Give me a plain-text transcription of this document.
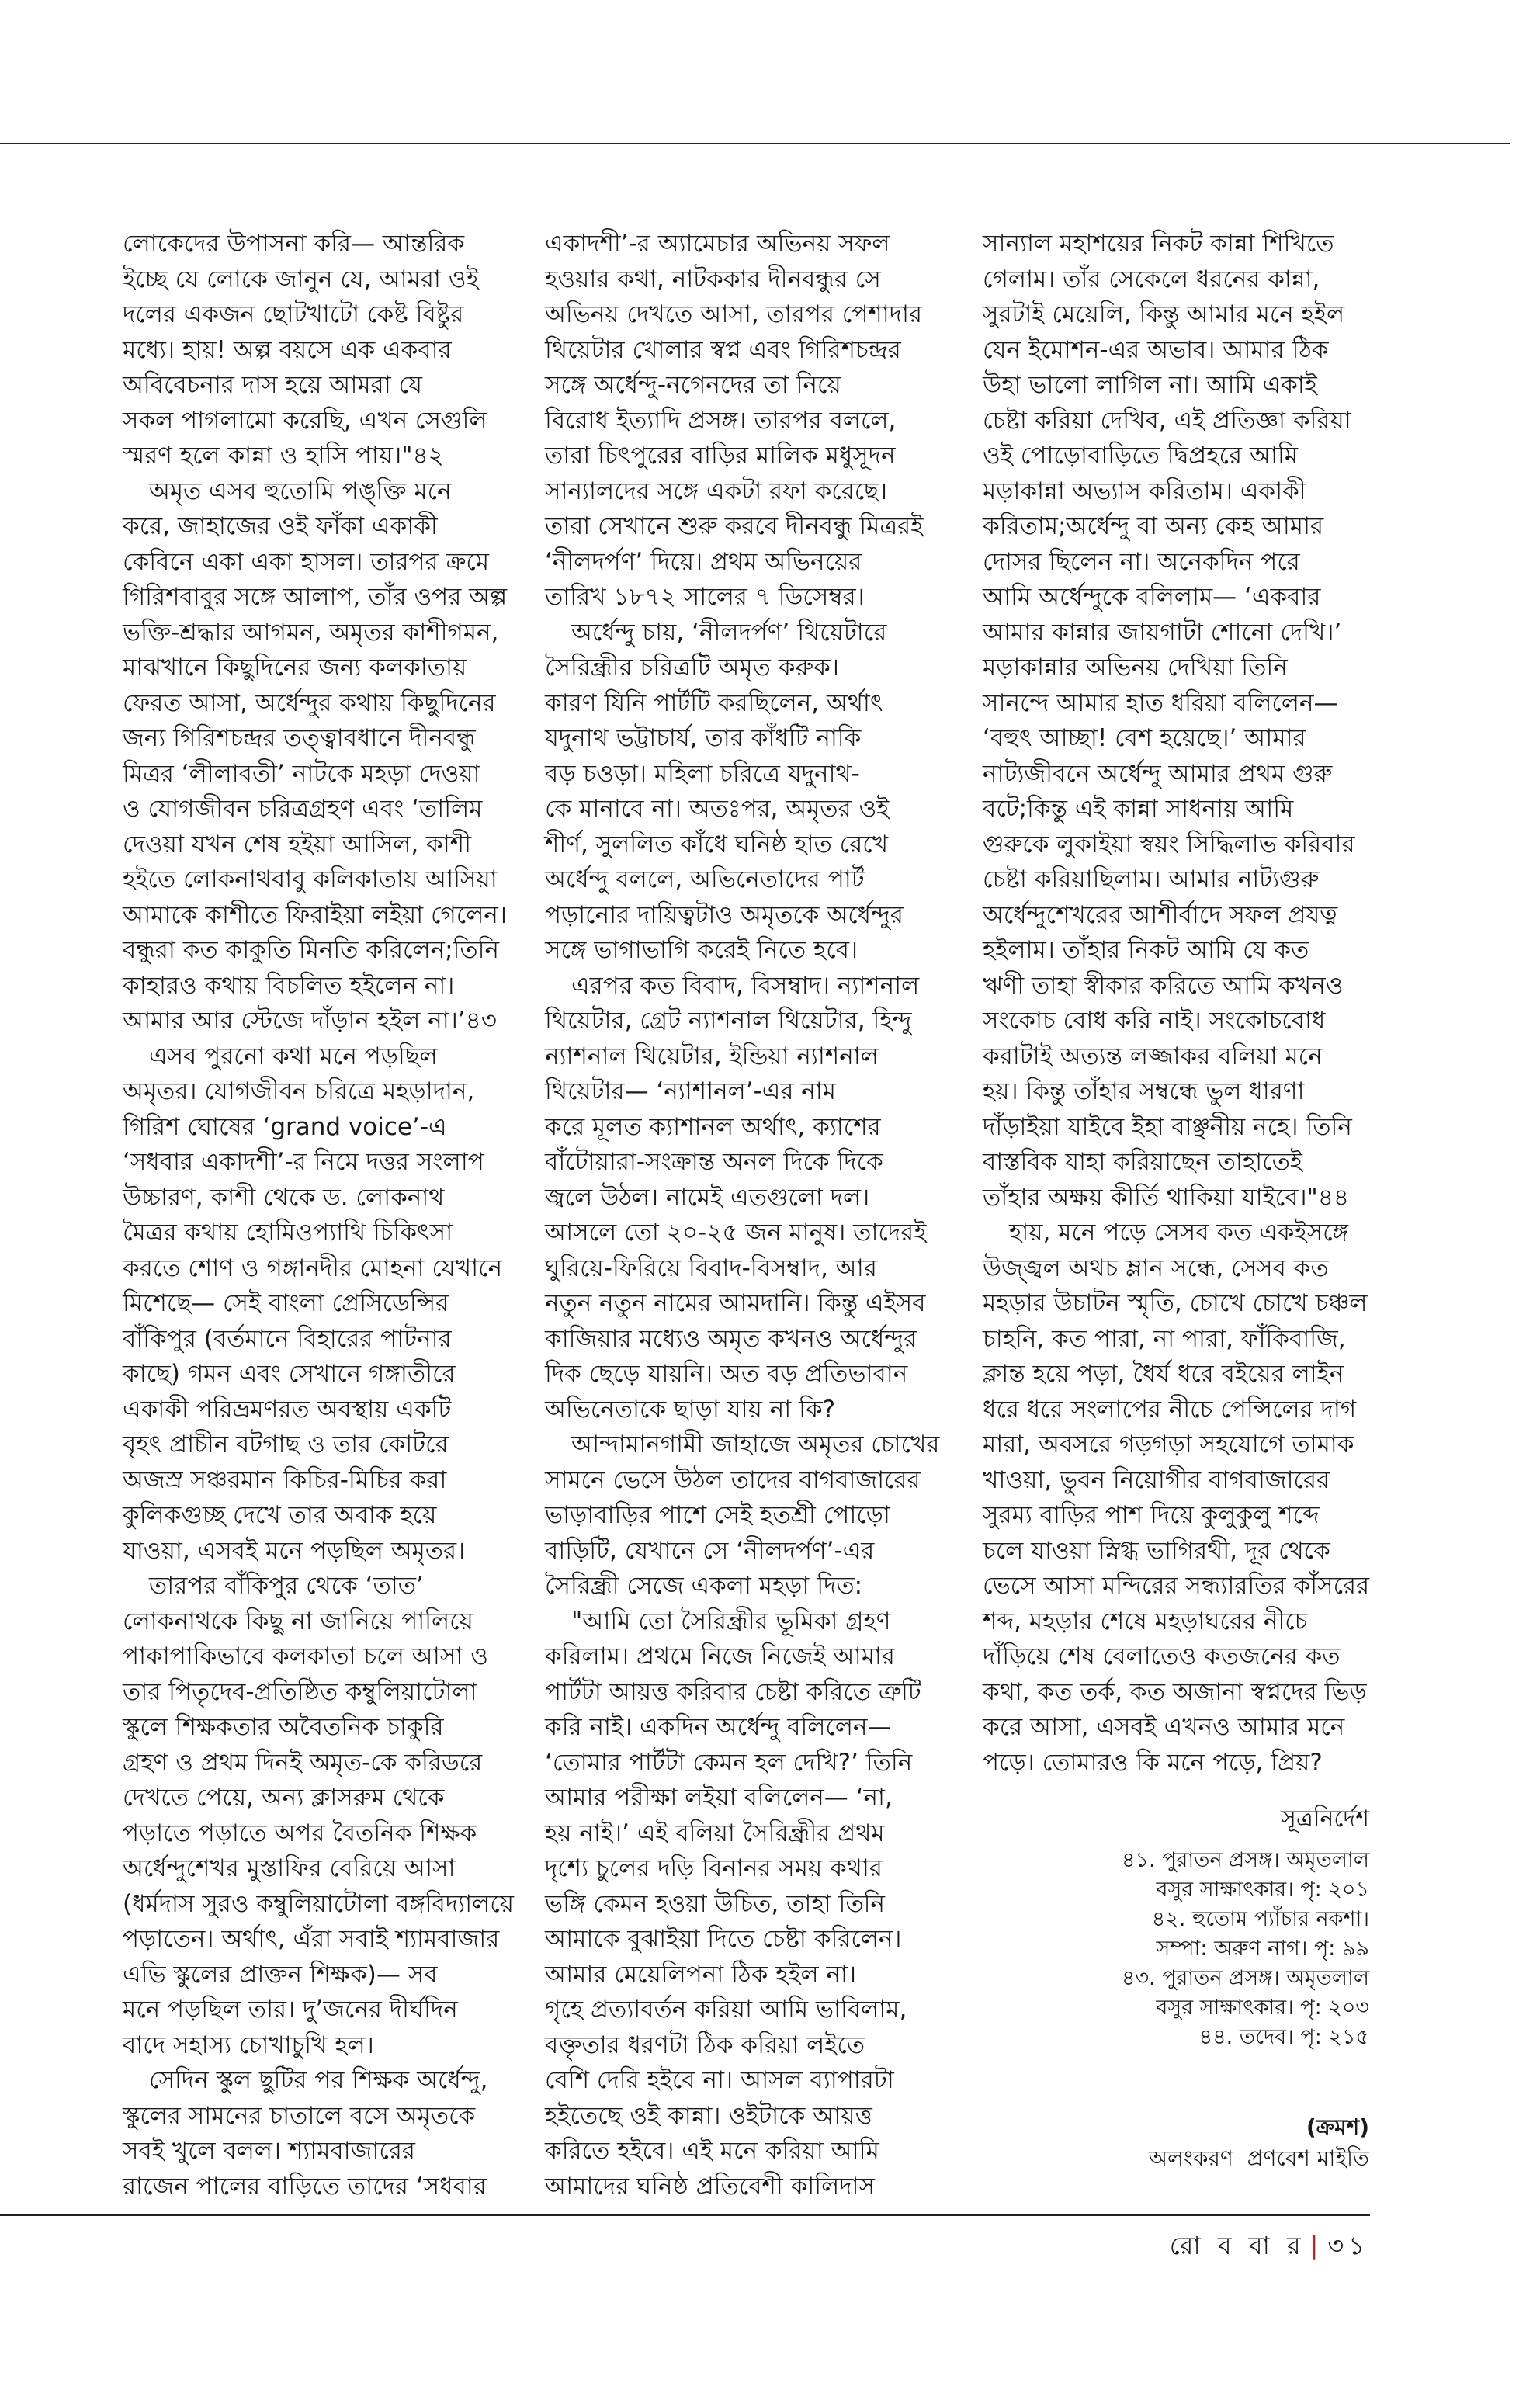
লোকেদের উপাসনা করি— আন্তরিক
ইচ্ছে যে লোকে জানুন যে, আমরা ওই
দলের একজন ছোটখাটো কেষ্ট বিষ্টুর
মধ্যে। হায়! অল্প বয়সে এক একবার
অবিবেচনার দাস হয়ে আমরা যে
সকল পাগলামো করেছি, এখন সেগুলি
স্মরণ হলে কান্না ও হাসি পায়।"৪২
অমৃত এসব হুতোমি পঙ্‌ক্তি মনে
করে, জাহাজের ওই ফাঁকা একাকী
কেবিনে একা একা হাসল। তারপর ক্রমে
গিরিশবাবুর সঙ্গে আলাপ, তাঁর ওপর অল্প
ভক্তি-শ্রদ্ধার আগমন, অমৃতর কাশীগমন,
মাঝখানে কিছুদিনের জন্য কলকাতায়
ফেরত আসা, অর্ধেন্দুর কথায় কিছুদিনের
জন্য গিরিশচন্দ্রর তত্ত্বাবধানে দীনবন্ধু
মিত্রর ‘লীলাবতী’ নাটকে মহড়া দেওয়া
ও যোগজীবন চরিত্রগ্রহণ এবং ‘তালিম
দেওয়া যখন শেষ হইয়া আসিল, কাশী
হইতে লোকনাথবাবু কলিকাতায় আসিয়া
আমাকে কাশীতে ফিরাইয়া লইয়া গেলেন।
বন্ধুরা কত কাকুতি মিনতি করিলেন;তিনি
কাহারও কথায় বিচলিত হইলেন না।
আমার আর স্টেজে দাঁড়ান হইল না।’৪৩
এসব পুরনো কথা মনে পড়ছিল
অমৃতর। যোগজীবন চরিত্রে মহড়াদান,
গিরিশ ঘোষের ‘grand voice’-এ
‘সধবার একাদশী’-র নিমে দত্তর সংলাপ
উচ্চারণ, কাশী থেকে ড. লোকনাথ
মৈত্রর কথায় হোমিওপ্যাথি চিকিৎসা
করতে শোণ ও গঙ্গানদীর মোহনা যেখানে
মিশেছে— সেই বাংলা প্রেসিডেন্সির
বাঁকিপুর (বর্তমানে বিহারের পাটনার
কাছে) গমন এবং সেখানে গঙ্গাতীরে
একাকী পরিভ্রমণরত অবস্থায় একটি
বৃহৎ প্রাচীন বটগাছ ও তার কোটরে
অজস্র সঞ্চরমান কিচির-মিচির করা
কুলিকগুচ্ছ দেখে তার অবাক হয়ে
যাওয়া, এসবই মনে পড়ছিল অমৃতর।
তারপর বাঁকিপুর থেকে ‘তাত’
লোকনাথকে কিছু না জানিয়ে পালিয়ে
পাকাপাকিভাবে কলকাতা চলে আসা ও
তার পিতৃদেব-প্রতিষ্ঠিত কম্বুলিয়াটোলা
স্কুলে শিক্ষকতার অবৈতনিক চাকুরি
গ্রহণ ও প্রথম দিনই অমৃত-কে করিডরে
দেখতে পেয়ে, অন্য ক্লাসরুম থেকে
পড়াতে পড়াতে অপর বৈতনিক শিক্ষক
অর্ধেন্দুশেখর মুস্তাফির বেরিয়ে আসা
(ধর্মদাস সুরও কম্বুলিয়াটোলা বঙ্গবিদ্যালয়ে
পড়াতেন। অর্থাৎ, এঁরা সবাই শ্যামবাজার
এভি স্কুলের প্রাক্তন শিক্ষক)— সব
মনে পড়ছিল তার। দু’জনের দীর্ঘদিন
বাদে সহাস্য চোখাচুখি হল।
সেদিন স্কুল ছুটির পর শিক্ষক অর্ধেন্দু,
স্কুলের সামনের চাতালে বসে অমৃতকে
সবই খুলে বলল। শ্যামবাজারের
রাজেন পালের বাড়িতে তাদের ‘সধবার
একাদশী’-র অ্যামেচার অভিনয় সফল
হওয়ার কথা, নাটককার দীনবন্ধুর সে
অভিনয় দেখতে আসা, তারপর পেশাদার
থিয়েটার খোলার স্বপ্ন এবং গিরিশচন্দ্রর
সঙ্গে অর্ধেন্দু-নগেনদের তা নিয়ে
বিরোধ ইত্যাদি প্রসঙ্গ। তারপর বললে,
তারা চিৎপুরের বাড়ির মালিক মধুসূদন
সান্যালদের সঙ্গে একটা রফা করেছে।
তারা সেখানে শুরু করবে দীনবন্ধু মিত্ররই
‘নীলদর্পণ’ দিয়ে। প্রথম অভিনয়ের
তারিখ ১৮৭২ সালের ৭ ডিসেম্বর।
অর্ধেন্দু চায়, ‘নীলদর্পণ’ থিয়েটারে
সৈরিন্ধ্রীর চরিত্রটি অমৃত করুক।
কারণ যিনি পার্টটি করছিলেন, অর্থাৎ
যদুনাথ ভট্টাচার্য, তার কাঁধটি নাকি
বড় চওড়া। মহিলা চরিত্রে যদুনাথ-
কে মানাবে না। অতঃপর, অমৃতর ওই
শীর্ণ, সুললিত কাঁধে ঘনিষ্ঠ হাত রেখে
অর্ধেন্দু বললে, অভিনেতাদের পার্ট
পড়ানোর দায়িত্বটাও অমৃতকে অর্ধেন্দুর
সঙ্গে ভাগাভাগি করেই নিতে হবে।
এরপর কত বিবাদ, বিসম্বাদ। ন্যাশনাল
থিয়েটার, গ্রেট ন্যাশনাল থিয়েটার, হিন্দু
ন্যাশনাল থিয়েটার, ইন্ডিয়া ন্যাশনাল
থিয়েটার— ‘ন্যাশানল’-এর নাম
করে মূলত ক্যাশানল অর্থাৎ, ক্যাশের
বাঁটোয়ারা-সংক্রান্ত অনল দিকে দিকে
জ্বলে উঠল। নামেই এতগুলো দল।
আসলে তো ২০-২৫ জন মানুষ। তাদেরই
ঘুরিয়ে-ফিরিয়ে বিবাদ-বিসম্বাদ, আর
নতুন নতুন নামের আমদানি। কিন্তু এইসব
কাজিয়ার মধ্যেও অমৃত কখনও অর্ধেন্দুর
দিক ছেড়ে যায়নি। অত বড় প্রতিভাবান
অভিনেতাকে ছাড়া যায় না কি?
আন্দামানগামী জাহাজে অমৃতর চোখের
সামনে ভেসে উঠল তাদের বাগবাজারের
ভাড়াবাড়ির পাশে সেই হতশ্রী পোড়ো
বাড়িটি, যেখানে সে ‘নীলদর্পণ’-এর
সৈরিন্ধ্রী সেজে একলা মহড়া দিত:
"আমি তো সৈরিন্ধ্রীর ভূমিকা গ্রহণ
করিলাম। প্রথমে নিজে নিজেই আমার
পার্টটা আয়ত্ত করিবার চেষ্টা করিতে ত্রুটি
করি নাই। একদিন অর্ধেন্দু বলিলেন—
‘তোমার পার্টটা কেমন হল দেখি?’ তিনি
আমার পরীক্ষা লইয়া বলিলেন— ‘না,
হয় নাই।’ এই বলিয়া সৈরিন্ধ্রীর প্রথম
দৃশ্যে চুলের দড়ি বিনানর সময় কথার
ভঙ্গি কেমন হওয়া উচিত, তাহা তিনি
আমাকে বুঝাইয়া দিতে চেষ্টা করিলেন।
আমার মেয়েলিপনা ঠিক হইল না।
গৃহে প্রত্যাবর্তন করিয়া আমি ভাবিলাম,
বক্তৃতার ধরণটা ঠিক করিয়া লইতে
বেশি দেরি হইবে না। আসল ব্যাপারটা
হইতেছে ওই কান্না। ওইটাকে আয়ত্ত
করিতে হইবে। এই মনে করিয়া আমি
আমাদের ঘনিষ্ঠ প্রতিবেশী কালিদাস
সান্যাল মহাশয়ের নিকট কান্না শিখিতে
গেলাম। তাঁর সেকেলে ধরনের কান্না,
সুরটাই মেয়েলি, কিন্তু আমার মনে হইল
যেন ইমোশন-এর অভাব। আমার ঠিক
উহা ভালো লাগিল না। আমি একাই
চেষ্টা করিয়া দেখিব, এই প্রতিজ্ঞা করিয়া
ওই পোড়োবাড়িতে দ্বিপ্রহরে আমি
মড়াকান্না অভ্যাস করিতাম। একাকী
করিতাম;অর্ধেন্দু বা অন্য কেহ আমার
দোসর ছিলেন না। অনেকদিন পরে
আমি অর্ধেন্দুকে বলিলাম— ‘একবার
আমার কান্নার জায়গাটা শোনো দেখি।’
মড়াকান্নার অভিনয় দেখিয়া তিনি
সানন্দে আমার হাত ধরিয়া বলিলেন—
‘বহুৎ আচ্ছা! বেশ হয়েছে।’ আমার
নাট্যজীবনে অর্ধেন্দু আমার প্রথম গুরু
বটে;কিন্তু এই কান্না সাধনায় আমি
গুরুকে লুকাইয়া স্বয়ং সিদ্ধিলাভ করিবার
চেষ্টা করিয়াছিলাম। আমার নাট্যগুরু
অর্ধেন্দুশেখরের আশীর্বাদে সফল প্রযত্ন
হইলাম। তাঁহার নিকট আমি যে কত
ঋণী তাহা স্বীকার করিতে আমি কখনও
সংকোচ বোধ করি নাই। সংকোচবোধ
করাটাই অত্যন্ত লজ্জাকর বলিয়া মনে
হয়। কিন্তু তাঁহার সম্বন্ধে ভুল ধারণা
দাঁড়াইয়া যাইবে ইহা বাঞ্ছনীয় নহে। তিনি
বাস্তবিক যাহা করিয়াছেন তাহাতেই
তাঁহার অক্ষয় কীর্তি থাকিয়া যাইবে।"৪৪
হায়, মনে পড়ে সেসব কত একইসঙ্গে
উজ্জ্বল অথচ ম্লান সন্ধে, সেসব কত
মহড়ার উচাটন স্মৃতি, চোখে চোখে চঞ্চল
চাহনি, কত পারা, না পারা, ফাঁকিবাজি,
ক্লান্ত হয়ে পড়া, ধৈর্য ধরে বইয়ের লাইন
ধরে ধরে সংলাপের নীচে পেন্সিলের দাগ
মারা, অবসরে গড়গড়া সহযোগে তামাক
খাওয়া, ভুবন নিয়োগীর বাগবাজারের
সুরম্য বাড়ির পাশ দিয়ে কুলুকুলু শব্দে
চলে যাওয়া স্নিগ্ধ ভাগিরথী, দূর থেকে
ভেসে আসা মন্দিরের সন্ধ্যারতির কাঁসরের
শব্দ, মহড়ার শেষে মহড়াঘরের নীচে
দাঁড়িয়ে শেষ বেলাতেও কতজনের কত
কথা, কত তর্ক, কত অজানা স্বপ্নদের ভিড়
করে আসা, এসবই এখনও আমার মনে
পড়ে। তোমারও কি মনে পড়ে, প্রিয়?
সূত্রনির্দেশ
৪১. পুরাতন প্রসঙ্গ। অমৃতলাল
বসুর সাক্ষাৎকার। পৃ: ২০১
৪২. হুতোম প্যাঁচার নকশা।
সম্পা: অরুণ নাগ। পৃ: ৯৯
৪৩. পুরাতন প্রসঙ্গ। অমৃতলাল
বসুর সাক্ষাৎকার। পৃ: ২০৩
৪৪. তদেব। পৃ: ২১৫
(ক্রমশ)
অলংকরণ  প্রণবেশ মাইতি
রো ব বা র | ৩১
